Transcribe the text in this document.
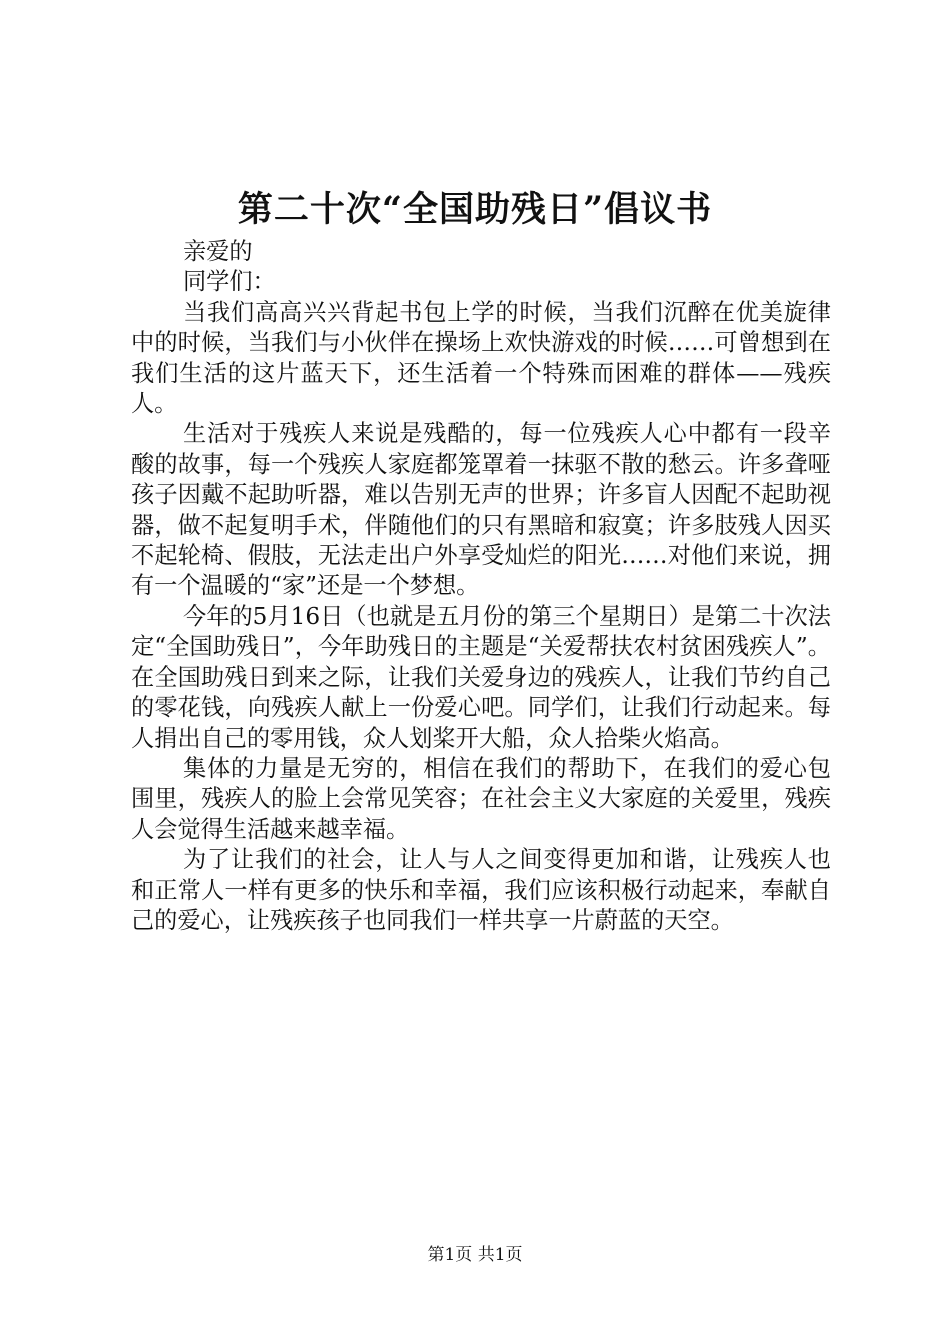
第二十次“全国助残日”倡议书

亲爱的

同学们：

当我们高高兴兴背起书包上学的时候，当我们沉醉在优美旋律中的时候，当我们与小伙伴在操场上欢快游戏的时候……可曾想到在我们生活的这片蓝天下，还生活着一个特殊而困难的群体——残疾人。

生活对于残疾人来说是残酷的，每一位残疾人心中都有一段辛酸的故事，每一个残疾人家庭都笼罩着一抹驱不散的愁云。许多聋哑孩子因戴不起助听器，难以告别无声的世界；许多盲人因配不起助视器，做不起复明手术，伴随他们的只有黑暗和寂寞；许多肢残人因买不起轮椅、假肢，无法走出户外享受灿烂的阳光……对他们来说，拥有一个温暖的“家”还是一个梦想。

今年的5月16日（也就是五月份的第三个星期日）是第二十次法定“全国助残日”，今年助残日的主题是“关爱帮扶农村贫困残疾人”。在全国助残日到来之际，让我们关爱身边的残疾人，让我们节约自己的零花钱，向残疾人献上一份爱心吧。同学们，让我们行动起来。每人捐出自己的零用钱，众人划桨开大船，众人拾柴火焰高。

集体的力量是无穷的，相信在我们的帮助下，在我们的爱心包围里，残疾人的脸上会常见笑容；在社会主义大家庭的关爱里，残疾人会觉得生活越来越幸福。

为了让我们的社会，让人与人之间变得更加和谐，让残疾人也和正常人一样有更多的快乐和幸福，我们应该积极行动起来，奉献自己的爱心，让残疾孩子也同我们一样共享一片蔚蓝的天空。

第1页 共1页
